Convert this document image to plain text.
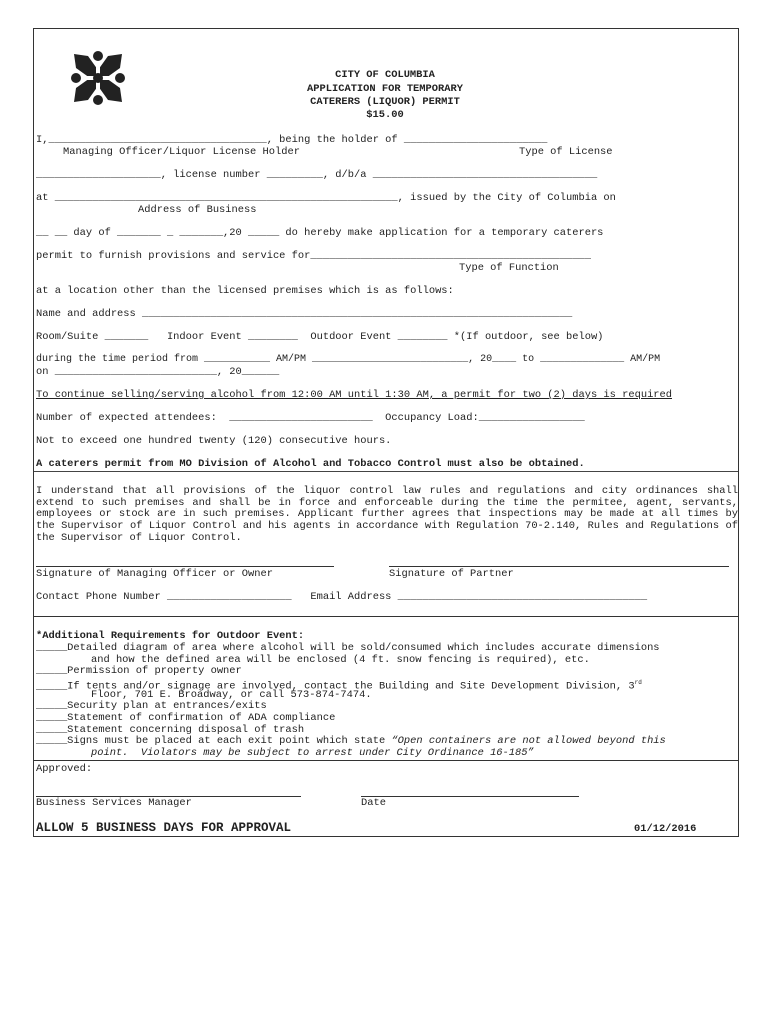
CITY OF COLUMBIA
APPLICATION FOR TEMPORARY
CATERERS (LIQUOR) PERMIT
$15.00
I,___________________________________, being the holder of _______________________
Managing Officer/Liquor License Holder	Type of License
____________________, license number _________, d/b/a ____________________________________
at _______________________________________________________, issued by the City of Columbia on
Address of Business
__ __ day of _______ _ _______,20 _____ do hereby make application for a temporary caterers
permit to furnish provisions and service for_____________________________________________
Type of Function
at a location other than the licensed premises which is as follows:
Name and address _____________________________________________________________________
Room/Suite _______   Indoor Event ________  Outdoor Event ________ *(If outdoor, see below)
during the time period from ___________ AM/PM __________________________, 20____ to ______________ AM/PM
on __________________________, 20______
To continue selling/serving alcohol from 12:00 AM until 1:30 AM, a permit for two (2) days is required
Number of expected attendees:  _______________________  Occupancy Load:_________________
Not to exceed one hundred twenty (120) consecutive hours.
A caterers permit from MO Division of Alcohol and Tobacco Control must also be obtained.
I understand that all provisions of the liquor control law rules and regulations and city ordinances shall extend to such premises and shall be in force and enforceable during the time the permitee, agent, servants, employees or stock are in such premises. Applicant further agrees that inspections may be made at all times by the Supervisor of Liquor Control and his agents in accordance with Regulation 70-2.140, Rules and Regulations of the Supervisor of Liquor Control.
Signature of Managing Officer or Owner	Signature of Partner
Contact Phone Number ____________________   Email Address ________________________________________
*Additional Requirements for Outdoor Event:
_____Detailed diagram of area where alcohol will be sold/consumed which includes accurate dimensions
and how the defined area will be enclosed (4 ft. snow fencing is required), etc.
_____Permission of property owner
_____If tents and/or signage are involved, contact the Building and Site Development Division, 3rd
Floor, 701 E. Broadway, or call 573-874-7474.
_____Security plan at entrances/exits
_____Statement of confirmation of ADA compliance
_____Statement concerning disposal of trash
_____Signs must be placed at each exit point which state “Open containers are not allowed beyond this
point.  Violators may be subject to arrest under City Ordinance 16-185”
Approved:
Business Services Manager	Date
ALLOW 5 BUSINESS DAYS FOR APPROVAL	01/12/2016
